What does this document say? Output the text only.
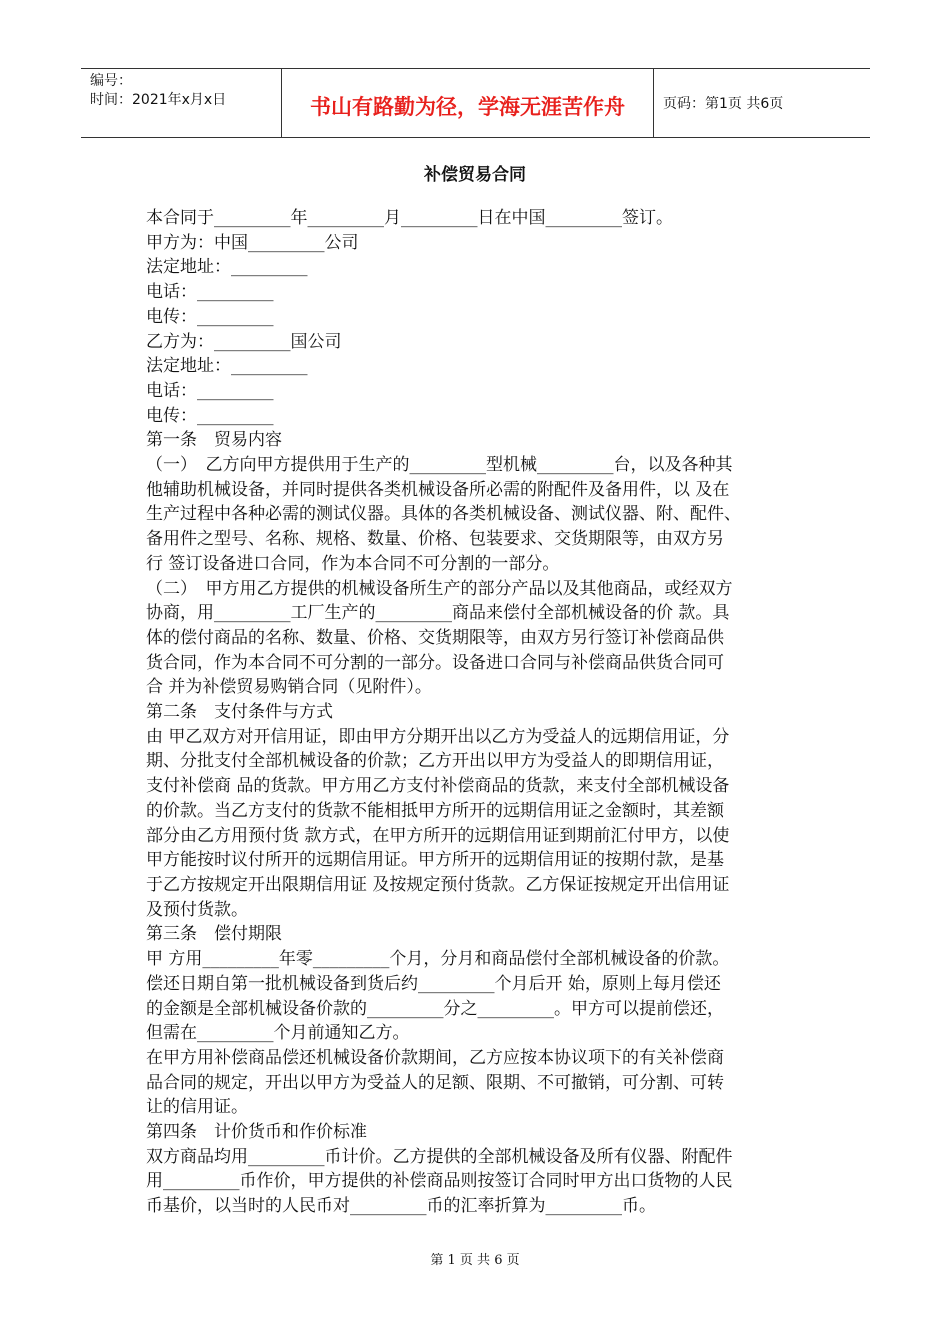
编号：
时间：2021年x月x日	书山有路勤为径，学海无涯苦作舟	页码：第1页 共6页
补偿贸易合同

本合同于_________年_________月_________日在中国_________签订。

甲方为：中国_________公司

法定地址：_________

电话：_________

电传：_________

乙方为：_________国公司

法定地址：_________

电话：_________

电传：_________

第一条　贸易内容

（一）　乙方向甲方提供用于生产的_________型机械_________台，以及各种其

他辅助机械设备，并同时提供各类机械设备所必需的附配件及备用件，以 及在

生产过程中各种必需的测试仪器。具体的各类机械设备、测试仪器、附、配件、

备用件之型号、名称、规格、数量、价格、包装要求、交货期限等，由双方另

行 签订设备进口合同，作为本合同不可分割的一部分。

（二）　甲方用乙方提供的机械设备所生产的部分产品以及其他商品，或经双方

协商，用_________工厂生产的_________商品来偿付全部机械设备的价 款。具

体的偿付商品的名称、数量、价格、交货期限等，由双方另行签订补偿商品供

货合同，作为本合同不可分割的一部分。设备进口合同与补偿商品供货合同可

合 并为补偿贸易购销合同（见附件）。

第二条　支付条件与方式

由 甲乙双方对开信用证，即由甲方分期开出以乙方为受益人的远期信用证，分

期、分批支付全部机械设备的价款；乙方开出以甲方为受益人的即期信用证，

支付补偿商 品的货款。甲方用乙方支付补偿商品的货款，来支付全部机械设备

的价款。当乙方支付的货款不能相抵甲方所开的远期信用证之金额时，其差额

部分由乙方用预付货 款方式，在甲方所开的远期信用证到期前汇付甲方，以使

甲方能按时议付所开的远期信用证。甲方所开的远期信用证的按期付款，是基

于乙方按规定开出限期信用证 及按规定预付货款。乙方保证按规定开出信用证

及预付货款。

第三条　偿付期限

甲 方用_________年零_________个月，分月和商品偿付全部机械设备的价款。

偿还日期自第一批机械设备到货后约_________个月后开 始，原则上每月偿还

的金额是全部机械设备价款的_________分之_________。甲方可以提前偿还，

但需在_________个月前通知乙方。

在甲方用补偿商品偿还机械设备价款期间，乙方应按本协议项下的有关补偿商

品合同的规定，开出以甲方为受益人的足额、限期、不可撤销，可分割、可转

让的信用证。

第四条　计价货币和作价标准

双方商品均用_________币计价。乙方提供的全部机械设备及所有仪器、附配件

用_________币作价，甲方提供的补偿商品则按签订合同时甲方出口货物的人民

币基价，以当时的人民币对_________币的汇率折算为_________币。

第 1 页 共 6 页
